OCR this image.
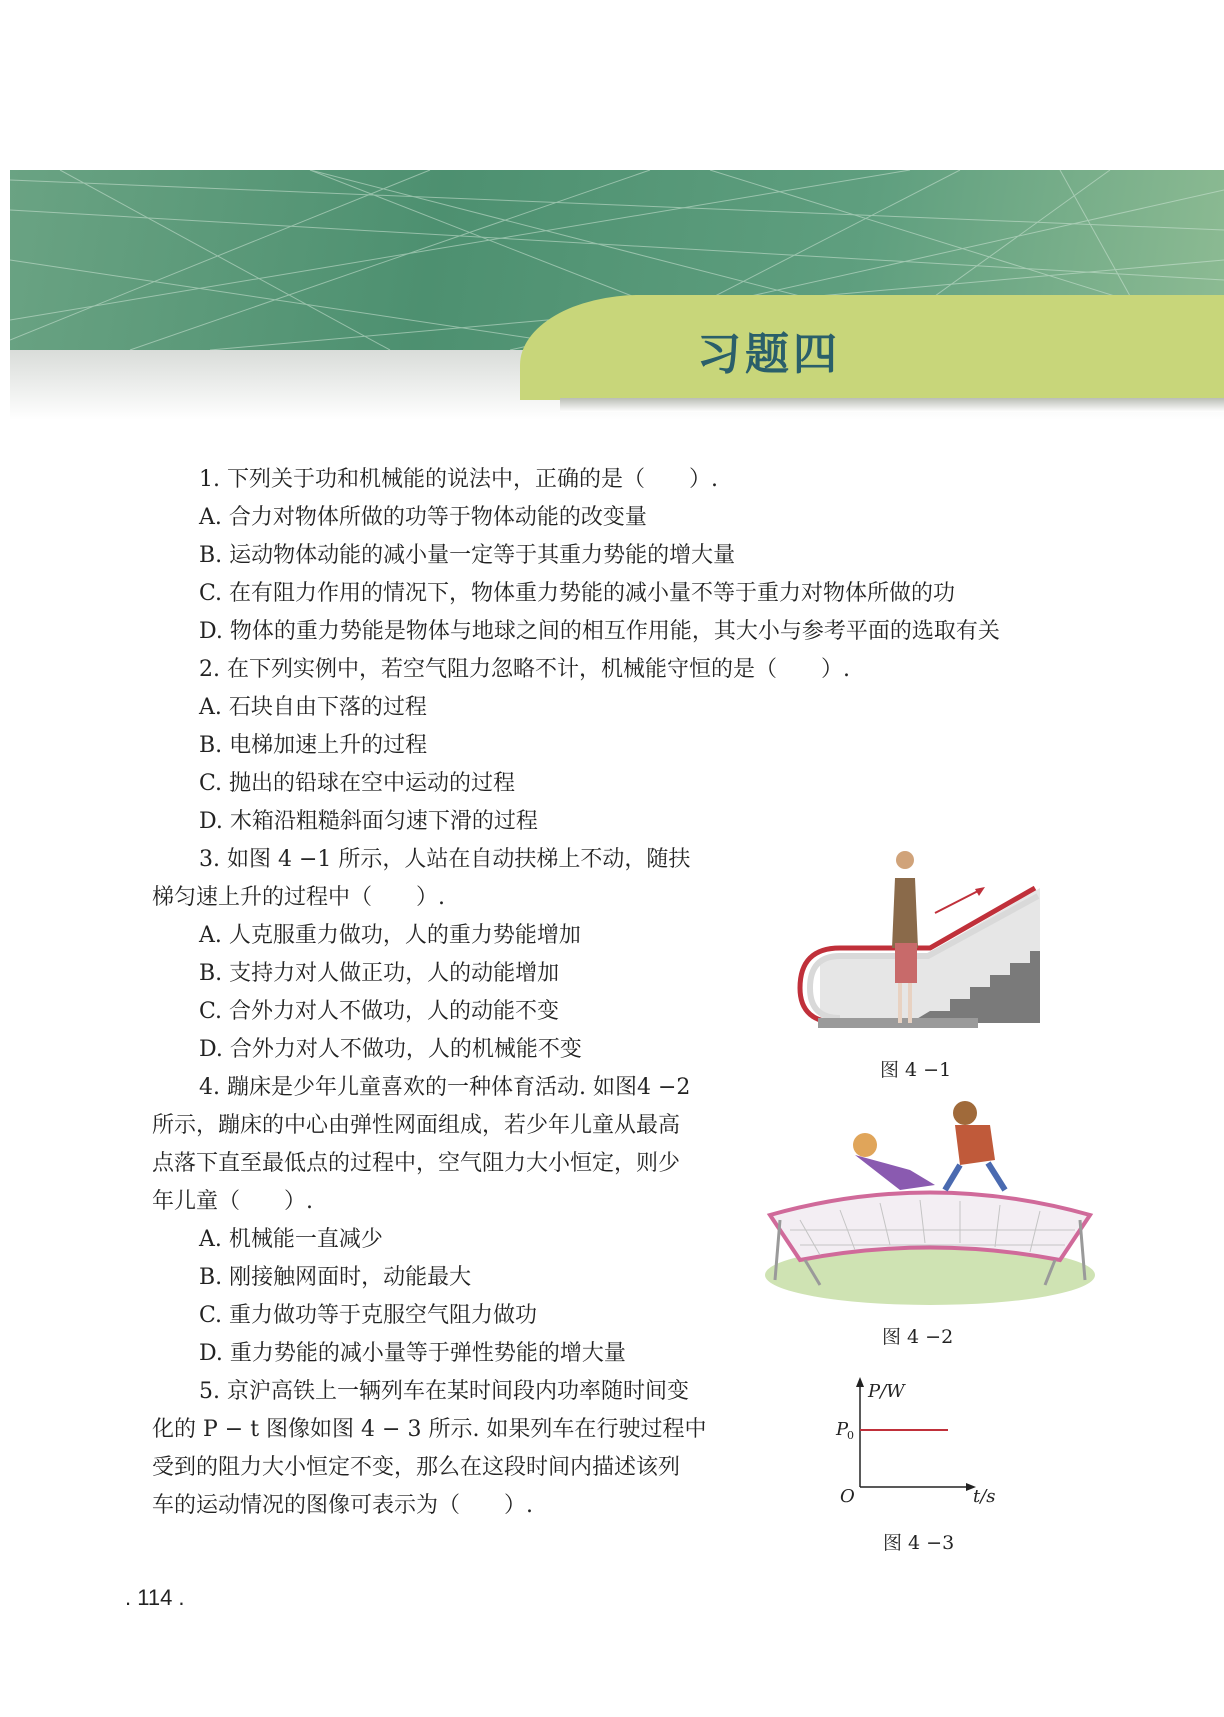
习题四
1. 下列关于功和机械能的说法中，正确的是（　　）.
A. 合力对物体所做的功等于物体动能的改变量
B. 运动物体动能的减小量一定等于其重力势能的增大量
C. 在有阻力作用的情况下，物体重力势能的减小量不等于重力对物体所做的功
D. 物体的重力势能是物体与地球之间的相互作用能，其大小与参考平面的选取有关
2. 在下列实例中，若空气阻力忽略不计，机械能守恒的是（　　）.
A. 石块自由下落的过程
B. 电梯加速上升的过程
C. 抛出的铅球在空中运动的过程
D. 木箱沿粗糙斜面匀速下滑的过程
3. 如图 4 −1 所示，人站在自动扶梯上不动，随扶
梯匀速上升的过程中（　　）.
A. 人克服重力做功，人的重力势能增加
B. 支持力对人做正功，人的动能增加
C. 合外力对人不做功，人的动能不变
D. 合外力对人不做功，人的机械能不变
4. 蹦床是少年儿童喜欢的一种体育活动. 如图4 −2
所示，蹦床的中心由弹性网面组成，若少年儿童从最高
点落下直至最低点的过程中，空气阻力大小恒定，则少
年儿童（　　）.
A. 机械能一直减少
B. 刚接触网面时，动能最大
C. 重力做功等于克服空气阻力做功
D. 重力势能的减小量等于弹性势能的增大量
5. 京沪高铁上一辆列车在某时间段内功率随时间变
化的 P − t 图像如图 4 − 3 所示. 如果列车在行驶过程中
受到的阻力大小恒定不变，那么在这段时间内描述该列
车的运动情况的图像可表示为（　　）.
图 4 −1
图 4 −2
P/W
P
0
O	t/s
图 4 −3
. 114 .
